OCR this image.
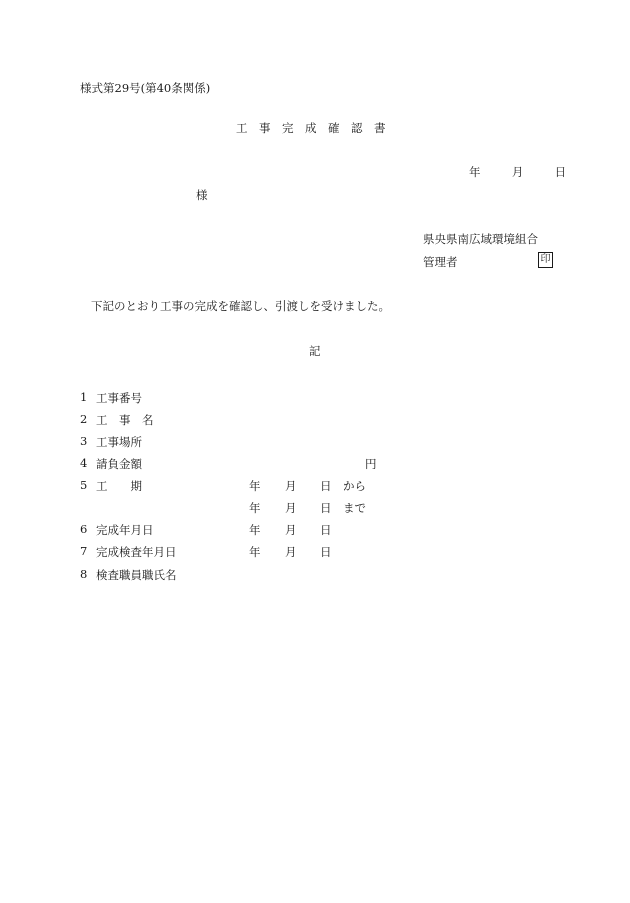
様式第29号(第40条関係)
工　事　完　成　確　認　書
年	月	日
様
県央県南広域環境組合
管理者	印
下記のとおり工事の完成を確認し、引渡しを受けました。
記
1 工事番号
2 工　事　名
3 工事場所
4 請負金額	円
5 工　　期	年 月 日 から
年 月 日 まで
6 完成年月日	年 月 日
7 完成検査年月日	年 月 日
8 検査職員職氏名
